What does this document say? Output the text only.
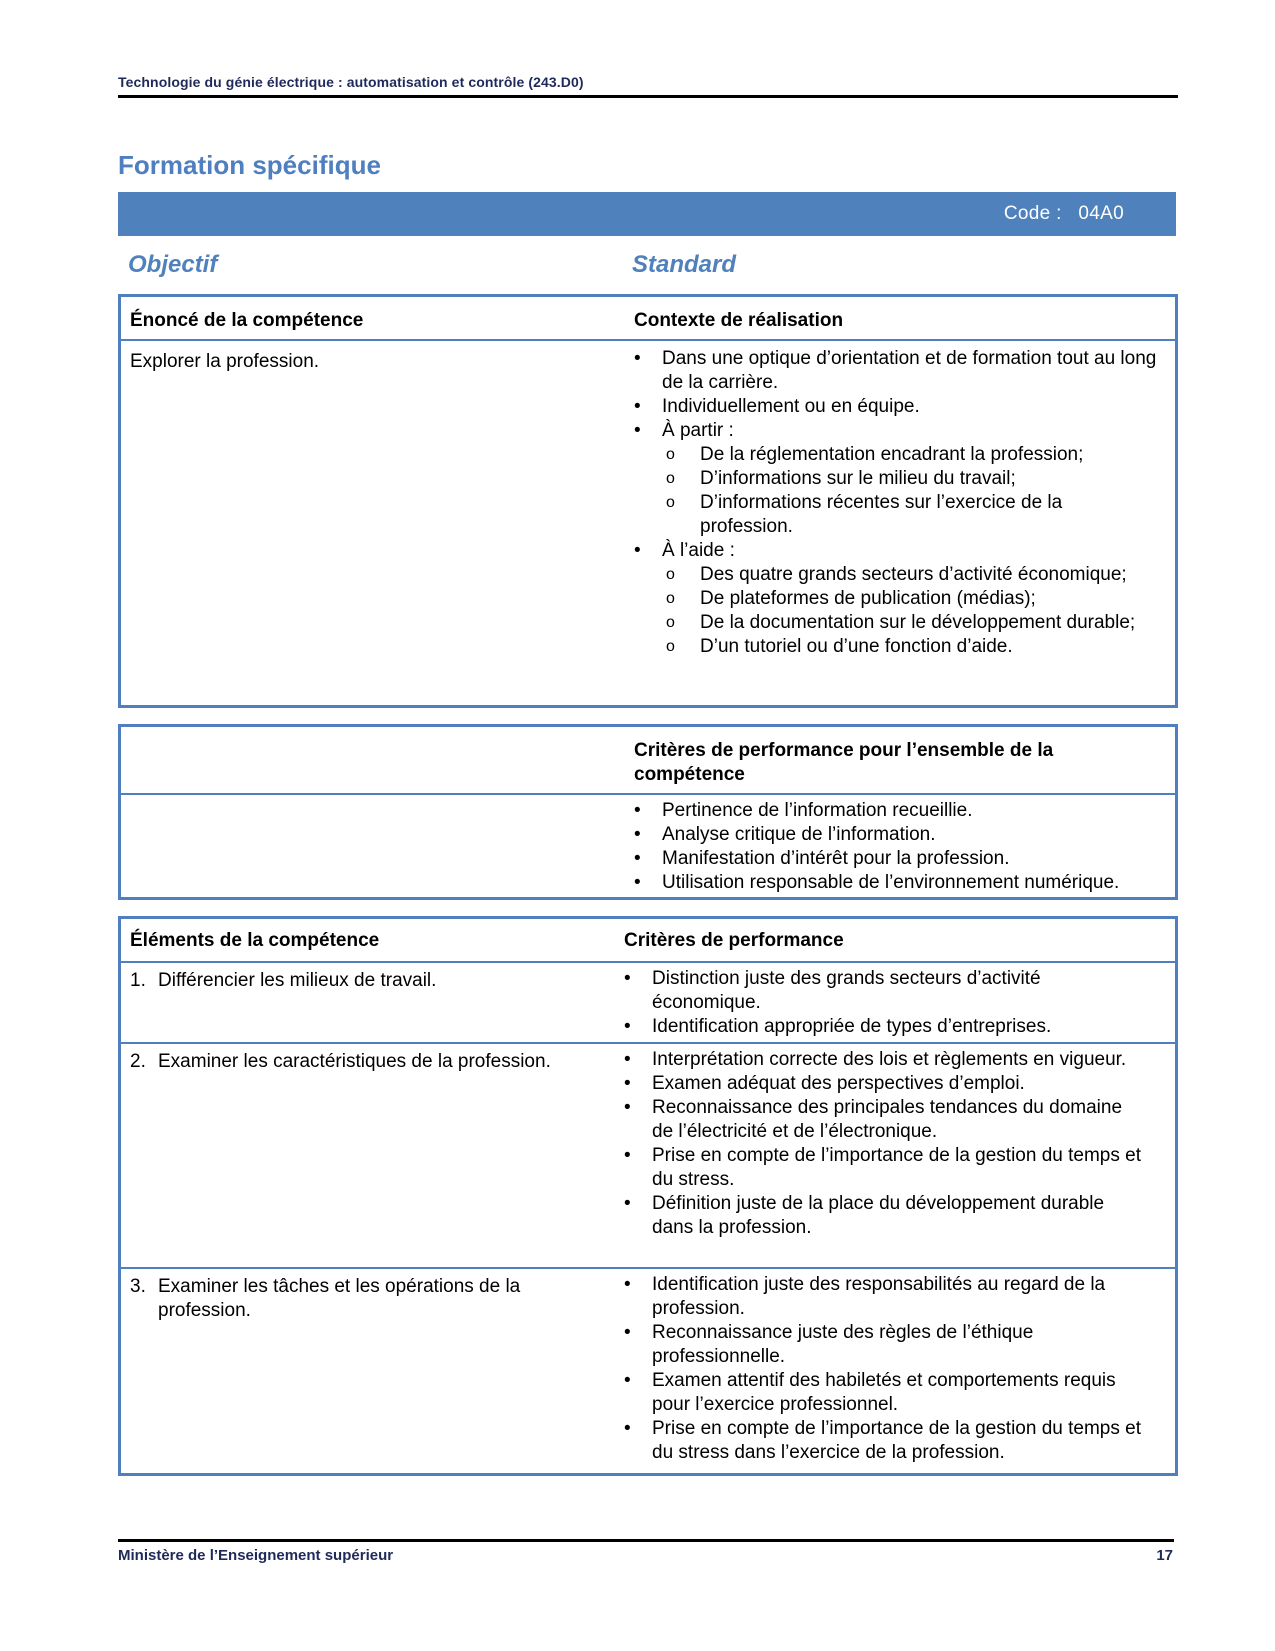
Technologie du génie électrique : automatisation et contrôle (243.D0)
Formation spécifique
Code : 04A0
Objectif	Standard
Énoncé de la compétence	Contexte de réalisation
Explorer la profession.	•	Dans une optique d’orientation et de formation tout au long de la carrière.
•	Individuellement ou en équipe.
•	À partir :
o	De la réglementation encadrant la profession;
o	D’informations sur le milieu du travail;
o	D’informations récentes sur l’exercice de la profession.
•	À l’aide :
o	Des quatre grands secteurs d’activité économique;
o	De plateformes de publication (médias);
o	De la documentation sur le développement durable;
o	D’un tutoriel ou d’une fonction d’aide.
Critères de performance pour l’ensemble de la compétence
•	Pertinence de l’information recueillie.
•	Analyse critique de l’information.
•	Manifestation d’intérêt pour la profession.
•	Utilisation responsable de l’environnement numérique.
Éléments de la compétence	Critères de performance
1. Différencier les milieux de travail.	•	Distinction juste des grands secteurs d’activité économique.
•	Identification appropriée de types d’entreprises.
2. Examiner les caractéristiques de la profession.	•	Interprétation correcte des lois et règlements en vigueur.
•	Examen adéquat des perspectives d’emploi.
•	Reconnaissance des principales tendances du domaine de l’électricité et de l’électronique.
•	Prise en compte de l’importance de la gestion du temps et du stress.
•	Définition juste de la place du développement durable dans la profession.
3. Examiner les tâches et les opérations de la profession.
•	Identification juste des responsabilités au regard de la profession.
•	Reconnaissance juste des règles de l’éthique professionnelle.
•	Examen attentif des habiletés et comportements requis pour l’exercice professionnel.
•	Prise en compte de l’importance de la gestion du temps et du stress dans l’exercice de la profession.
Ministère de l’Enseignement supérieur	17
